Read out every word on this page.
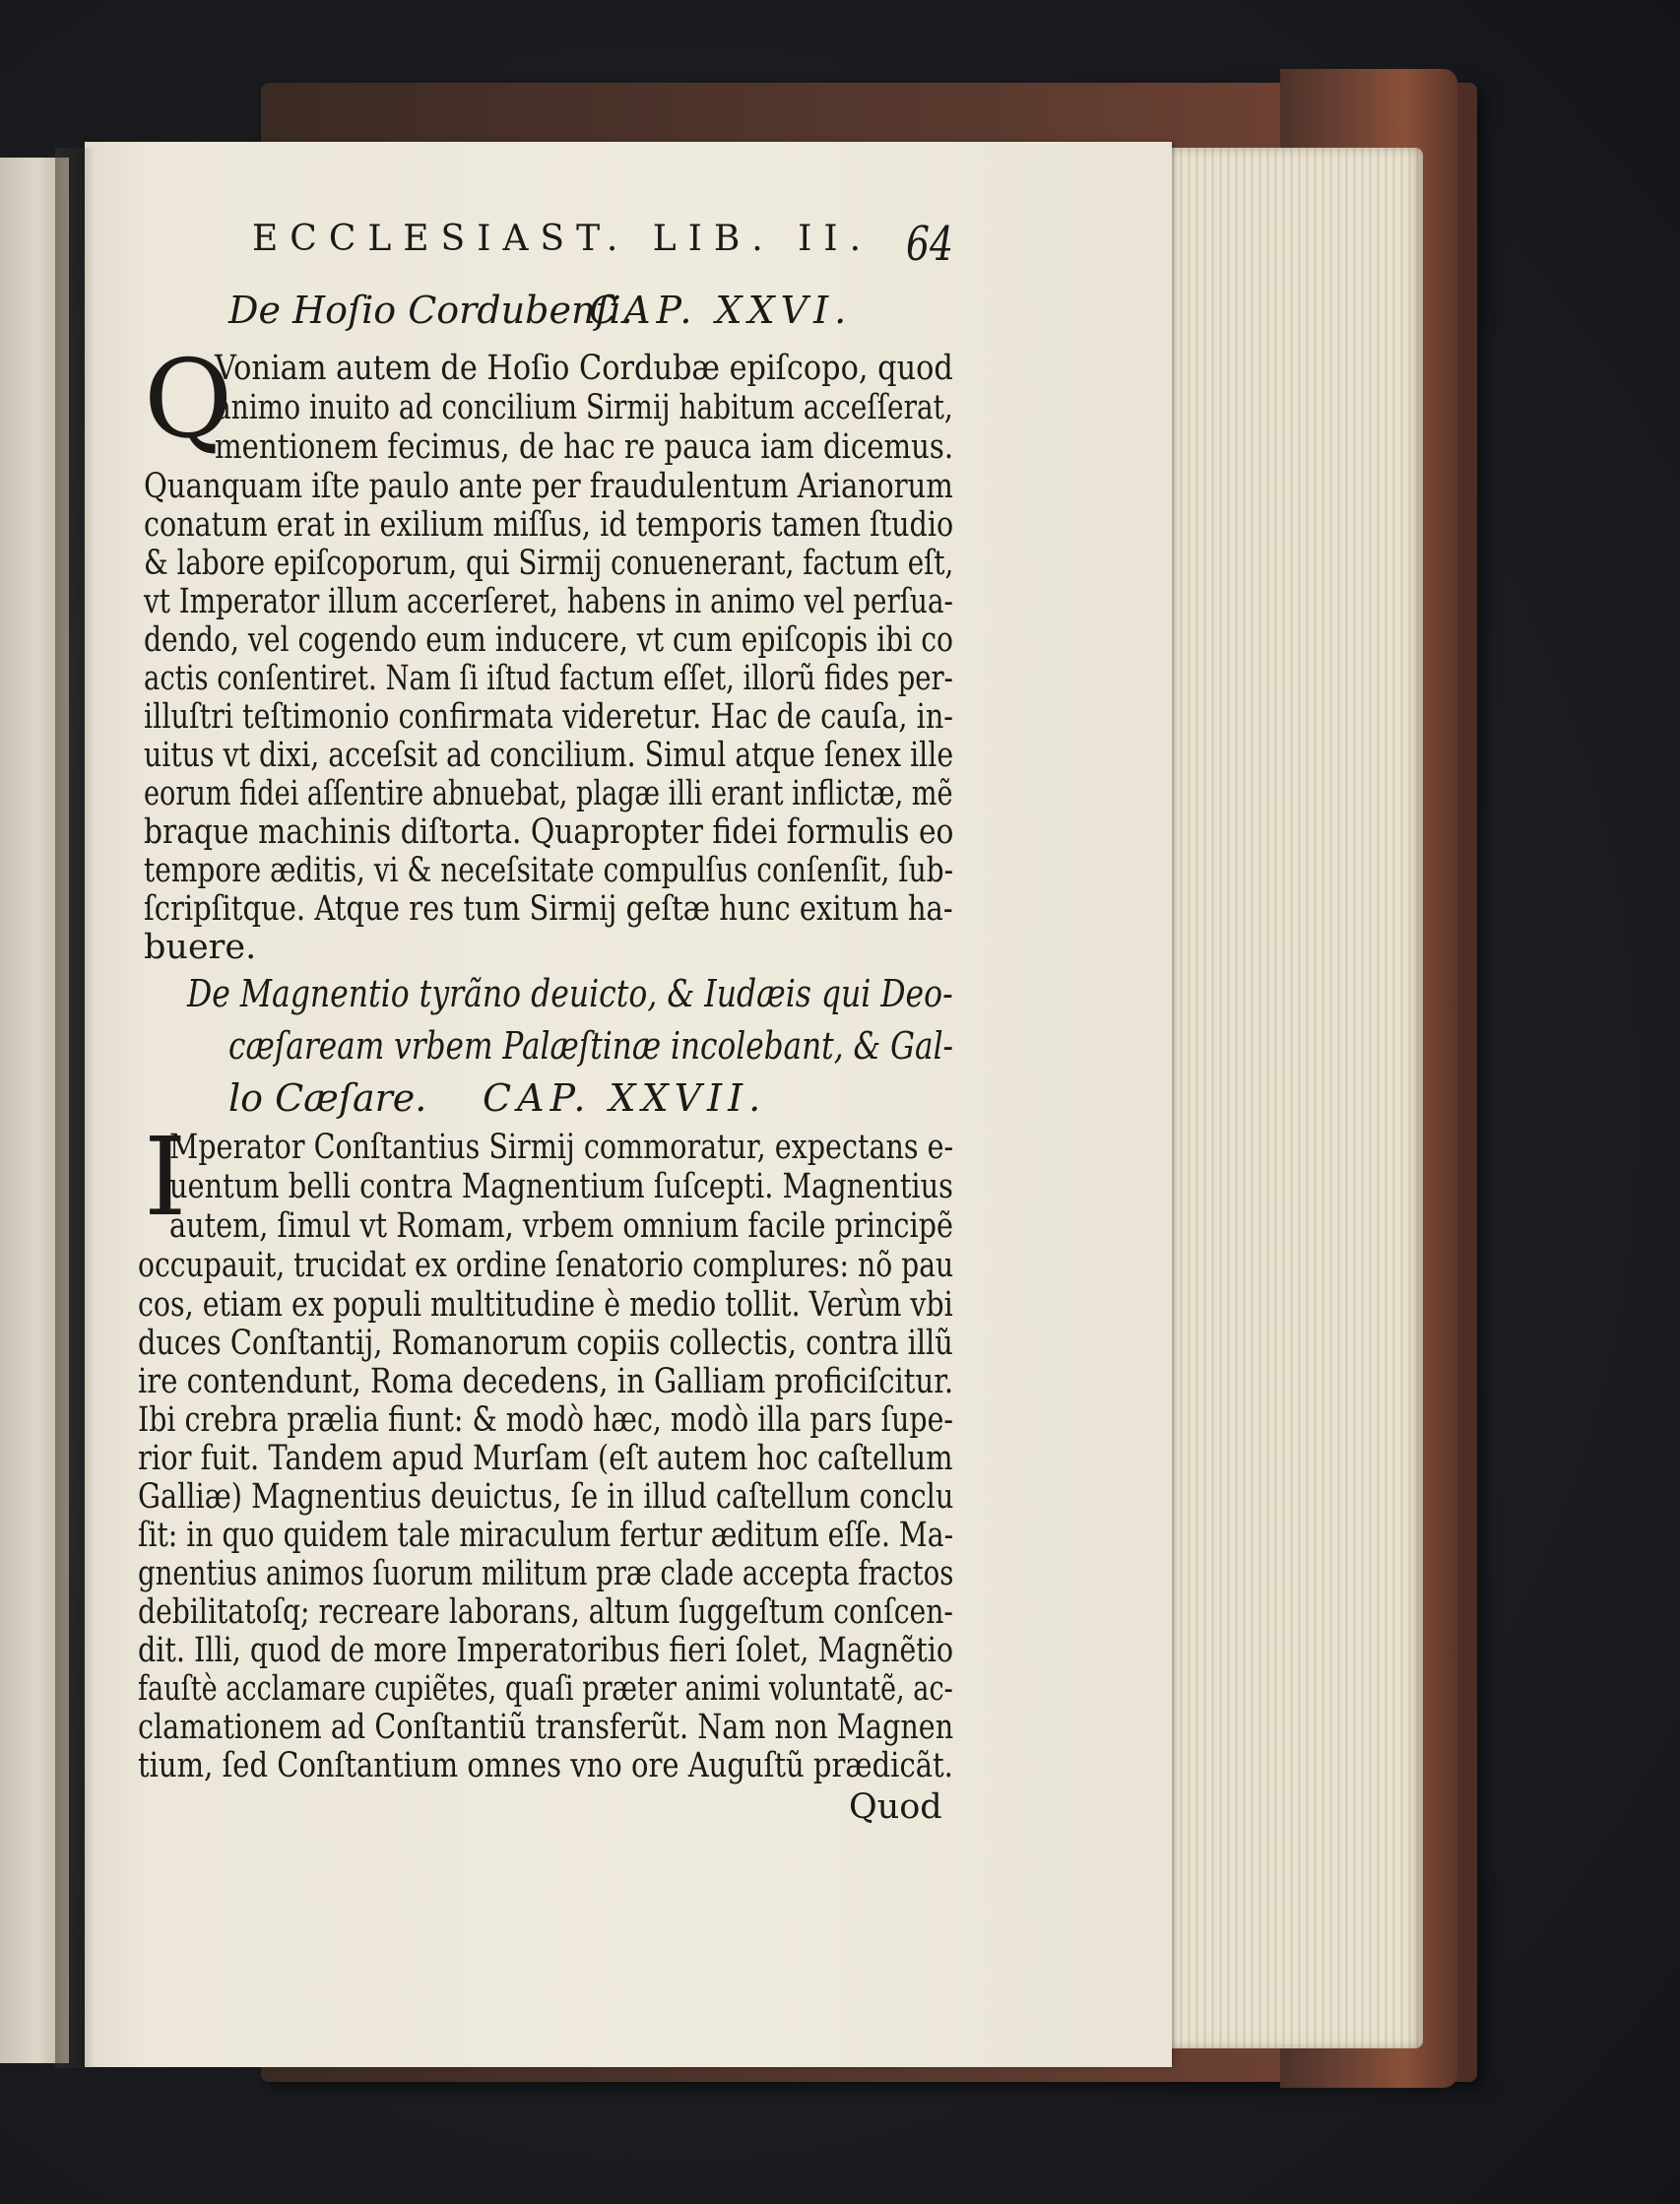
ECCLESIAST. LIB. II. 64
De Hoſio Cordubenſi.
CAP. XXVI.
Q
Voniam autem de Hoſio Cordubæ epiſcopo, quod
animo inuito ad concilium Sirmij habitum acceſſerat,
mentionem fecimus, de hac re pauca iam dicemus.
Quanquam iſte paulo ante per fraudulentum Arianorum
conatum erat in exilium miſſus, id temporis tamen ſtudio
& labore epiſcoporum, qui Sirmij conuenerant, factum eſt,
vt Imperator illum accerſeret, habens in animo vel perſua-
dendo, vel cogendo eum inducere, vt cum epiſcopis ibi co
actis conſentiret. Nam ſi iſtud factum eſſet, illorũ fides per-
illuſtri teſtimonio confirmata videretur. Hac de cauſa, in-
uitus vt dixi, acceſsit ad concilium. Simul atque ſenex ille
eorum fidei aſſentire abnuebat, plagæ illi erant inflictæ, mẽ
braque machinis diſtorta. Quapropter fidei formulis eo
tempore æditis, vi & neceſsitate compulſus conſenſit, ſub-
ſcripſitque. Atque res tum Sirmij geſtæ hunc exitum ha-
buere.
De Magnentio tyrãno deuicto, & Iudæis qui Deo-
cæſaream vrbem Palæſtinæ incolebant, & Gal-
lo Cæſare. CAP. XXVII.
I
Mperator Conſtantius Sirmij commoratur, expectans e-
uentum belli contra Magnentium ſuſcepti. Magnentius
autem, ſimul vt Romam, vrbem omnium facile principẽ
occupauit, trucidat ex ordine ſenatorio complures: nõ pau
cos, etiam ex populi multitudine è medio tollit. Verùm vbi
duces Conſtantij, Romanorum copiis collectis, contra illũ
ire contendunt, Roma decedens, in Galliam proficiſcitur.
Ibi crebra prælia fiunt: & modò hæc, modò illa pars ſupe-
rior fuit. Tandem apud Murſam (eſt autem hoc caſtellum
Galliæ) Magnentius deuictus, ſe in illud caſtellum conclu
ſit: in quo quidem tale miraculum fertur æditum eſſe. Ma-
gnentius animos ſuorum militum præ clade accepta fractos
debilitatoſq; recreare laborans, altum ſuggeſtum conſcen-
dit. Illi, quod de more Imperatoribus fieri ſolet, Magnẽtio
fauſtè acclamare cupiẽtes, quaſi præter animi voluntatẽ, ac-
clamationem ad Conſtantiũ transferũt. Nam non Magnen
tium, ſed Conſtantium omnes vno ore Auguſtũ prædicãt.
Quod
